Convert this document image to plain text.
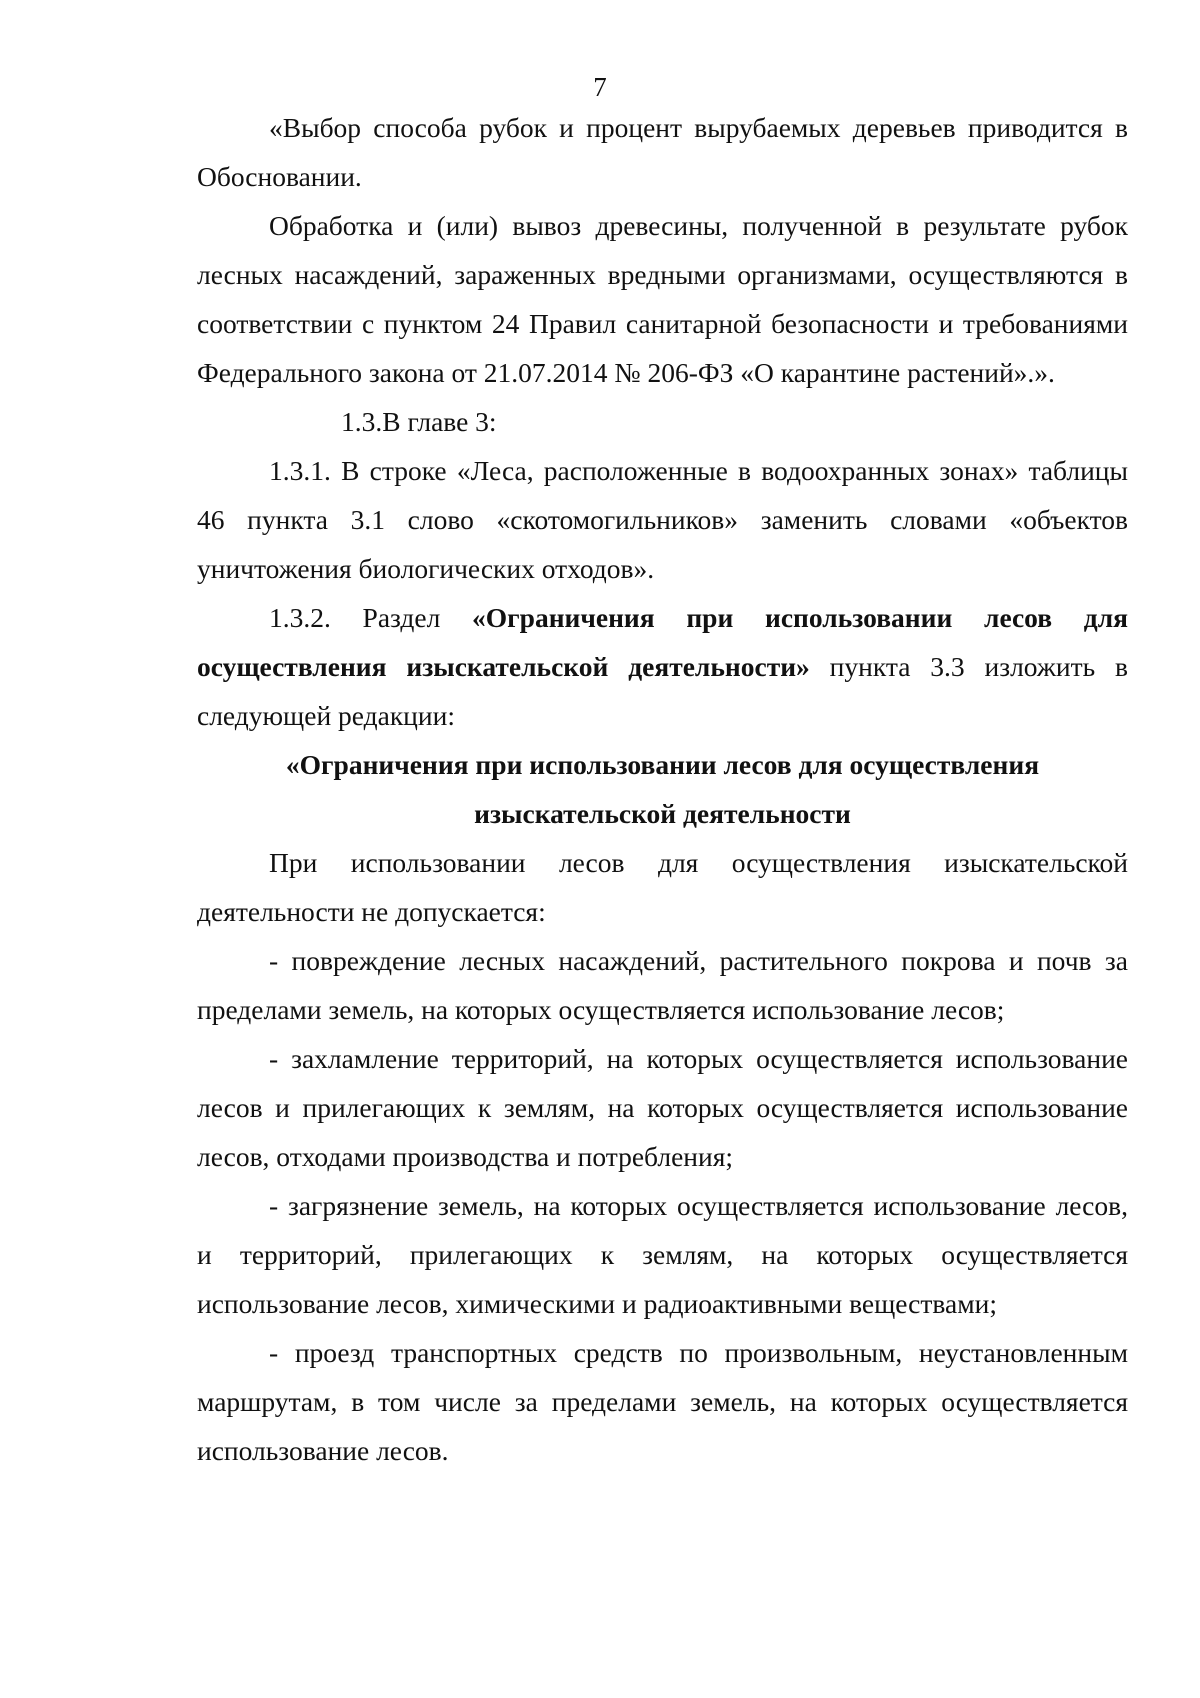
7

«Выбор способа рубок и процент вырубаемых деревьев приводится в Обосновании.

Обработка и (или) вывоз древесины, полученной в результате рубок лесных насаждений, зараженных вредными организмами, осуществляются в соответствии с пунктом 24 Правил санитарной безопасности и требованиями Федерального закона от 21.07.2014 № 206-ФЗ «О карантине растений».».

1.3.В главе 3:

1.3.1. В строке «Леса, расположенные в водоохранных зонах» таблицы 46 пункта 3.1 слово «скотомогильников» заменить словами «объектов уничтожения биологических отходов».

1.3.2. Раздел «Ограничения при использовании лесов для осуществления изыскательской деятельности» пункта 3.3 изложить в следующей редакции:

«Ограничения при использовании лесов для осуществления

изыскательской деятельности

При использовании лесов для осуществления изыскательской деятельности не допускается:

- повреждение лесных насаждений, растительного покрова и почв за пределами земель, на которых осуществляется использование лесов;

- захламление территорий, на которых осуществляется использование лесов и прилегающих к землям, на которых осуществляется использование лесов, отходами производства и потребления;

- загрязнение земель, на которых осуществляется использование лесов, и территорий, прилегающих к землям, на которых осуществляется использование лесов, химическими и радиоактивными веществами;

- проезд транспортных средств по произвольным, неустановленным маршрутам, в том числе за пределами земель, на которых осуществляется использование лесов.
